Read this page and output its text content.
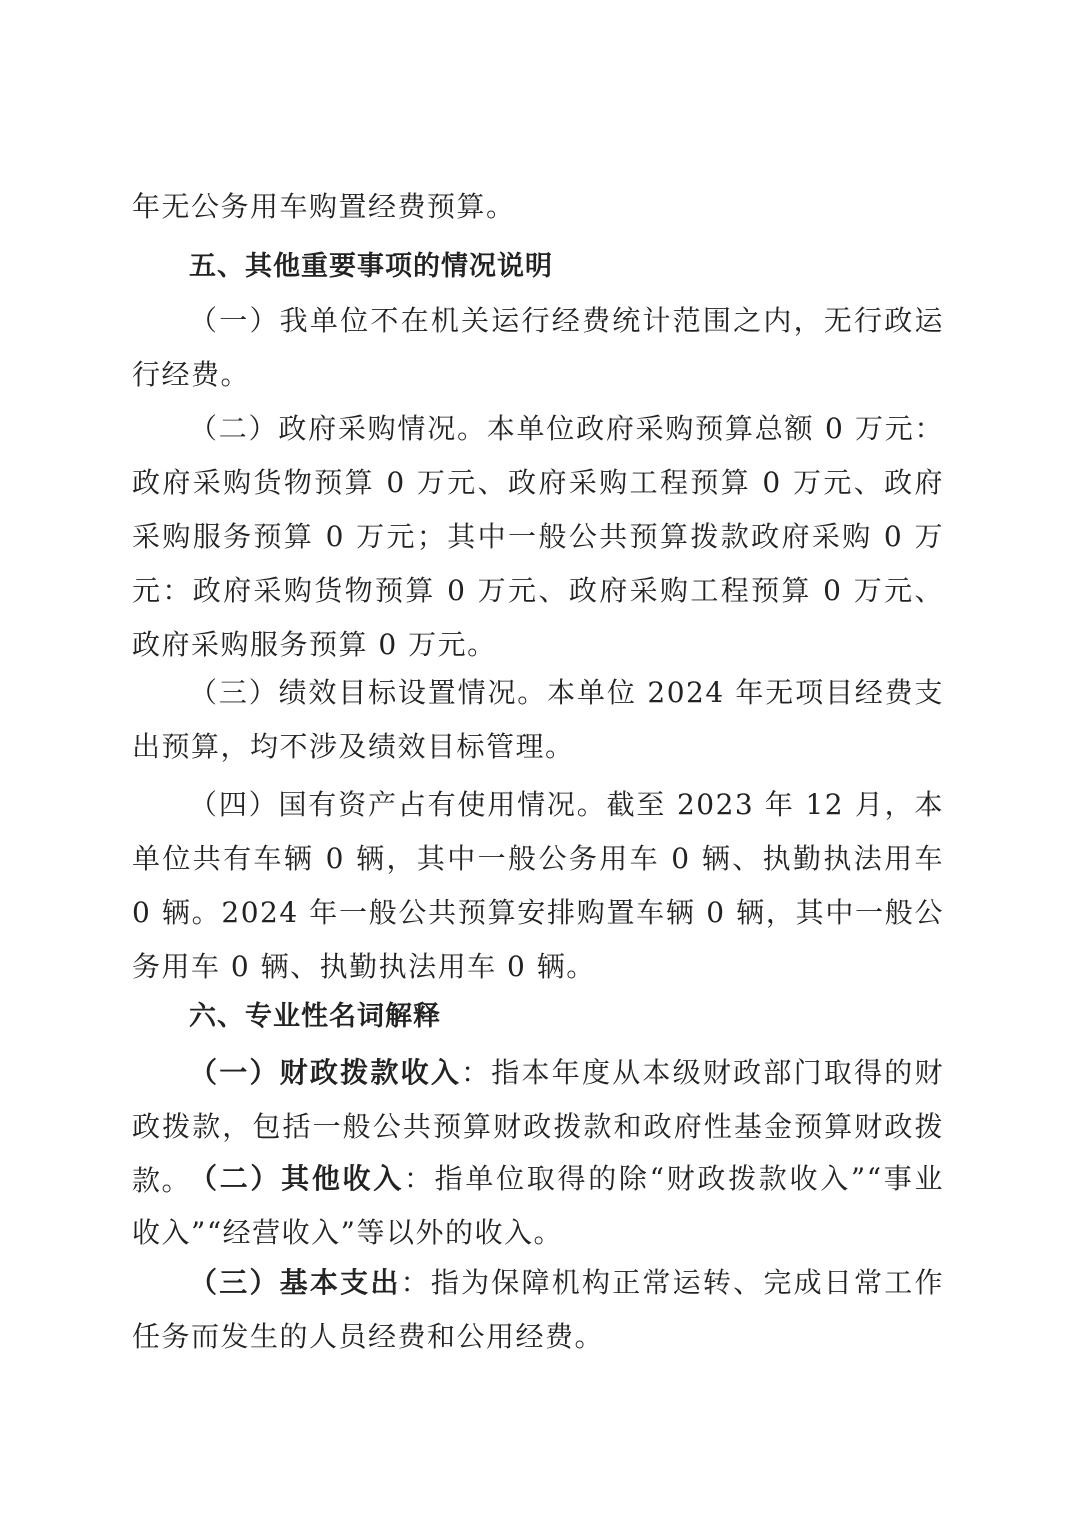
年无公务用车购置经费预算。

五、其他重要事项的情况说明

（一）我单位不在机关运行经费统计范围之内，无行政运行经费。

（二）政府采购情况。本单位政府采购预算总额 0 万元：政府采购货物预算 0 万元、政府采购工程预算 0 万元、政府采购服务预算 0 万元；其中一般公共预算拨款政府采购 0 万元：政府采购货物预算 0 万元、政府采购工程预算 0 万元、政府采购服务预算 0 万元。

（三）绩效目标设置情况。本单位 2024 年无项目经费支出预算，均不涉及绩效目标管理。

（四）国有资产占有使用情况。截至 2023 年 12 月，本单位共有车辆 0 辆，其中一般公务用车 0 辆、执勤执法用车 0 辆。2024 年一般公共预算安排购置车辆 0 辆，其中一般公务用车 0 辆、执勤执法用车 0 辆。

六、专业性名词解释

（一）财政拨款收入：指本年度从本级财政部门取得的财政拨款，包括一般公共预算财政拨款和政府性基金预算财政拨款。

（二）其他收入：指单位取得的除“财政拨款收入”“事业收入”“经营收入”等以外的收入。

（三）基本支出：指为保障机构正常运转、完成日常工作任务而发生的人员经费和公用经费。
